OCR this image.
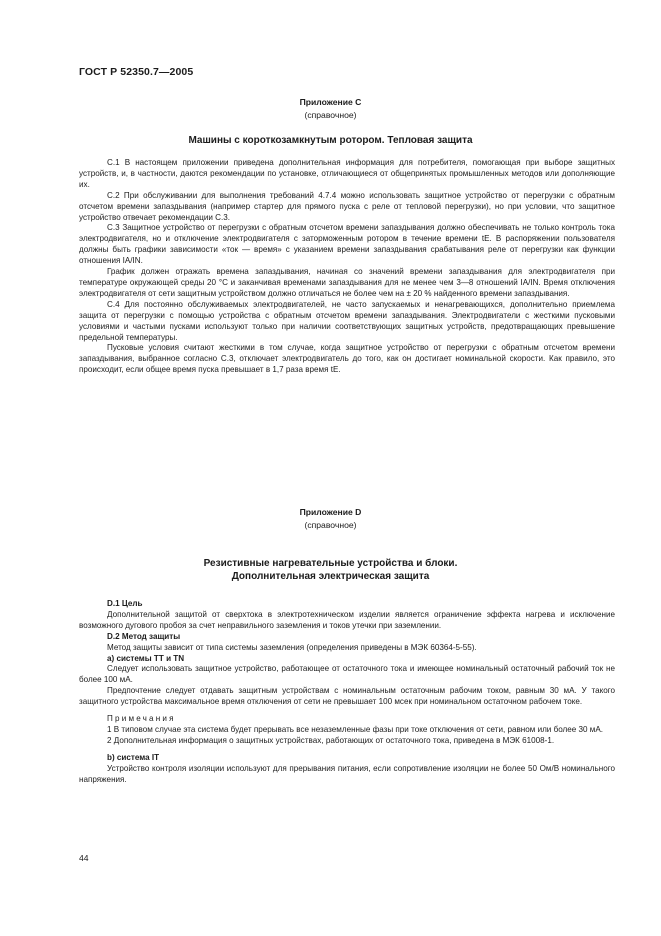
ГОСТ Р 52350.7—2005
Приложение С
(справочное)
Машины с короткозамкнутым ротором. Тепловая защита

С.1 В настоящем приложении приведена дополнительная информация для потребителя, помогающая при выборе защитных устройств, и, в частности, даются рекомендации по установке, отличающиеся от общепринятых промышленных методов или дополняющие их.

С.2 При обслуживании для выполнения требований 4.7.4 можно использовать защитное устройство от перегрузки с обратным отсчетом времени запаздывания (например стартер для прямого пуска с реле от тепловой перегрузки), но при условии, что защитное устройство отвечает рекомендации С.3.

С.3 Защитное устройство от перегрузки с обратным отсчетом времени запаздывания должно обеспечивать не только контроль тока электродвигателя, но и отключение электродвигателя с заторможенным ротором в течение времени tE. В распоряжении пользователя должны быть графики зависимости «ток — время» с указанием времени запаздывания срабатывания реле от перегрузки как функции отношения IA/IN.

График должен отражать времена запаздывания, начиная со значений времени запаздывания для электродвигателя при температуре окружающей среды 20 °С и заканчивая временами запаздывания для не менее чем 3—8 отношений IA/IN. Время отключения электродвигателя от сети защитным устройством должно отличаться не более чем на ± 20 % найденного времени запаздывания.

С.4 Для постоянно обслуживаемых электродвигателей, не часто запускаемых и ненагревающихся, дополнительно приемлема защита от перегрузки с помощью устройства с обратным отсчетом времени запаздывания. Электродвигатели с жесткими пусковыми условиями и частыми пусками используют только при наличии соответствующих защитных устройств, предотвращающих превышение предельной температуры.

Пусковые условия считают жесткими в том случае, когда защитное устройство от перегрузки с обратным отсчетом времени запаздывания, выбранное согласно С.3, отключает электродвигатель до того, как он достигает номинальной скорости. Как правило, это происходит, если общее время пуска превышает в 1,7 раза время tE.

Приложение D
(справочное)
Резистивные нагревательные устройства и блоки.
Дополнительная электрическая защита

D.1 Цель

Дополнительной защитой от сверхтока в электротехническом изделии является ограничение эффекта нагрева и исключение возможного дугового пробоя за счет неправильного заземления и токов утечки при заземлении.

D.2 Метод защиты

Метод защиты зависит от типа системы заземления (определения приведены в МЭК 60364-5-55).

а) системы TT и TN

Следует использовать защитное устройство, работающее от остаточного тока и имеющее номинальный остаточный рабочий ток не более 100 мА.

Предпочтение следует отдавать защитным устройствам с номинальным остаточным рабочим током, равным 30 мА. У такого защитного устройства максимальное время отключения от сети не превышает 100 мсек при номинальном остаточном рабочем токе.

Примечания

1 В типовом случае эта система будет прерывать все незаземленные фазы при токе отключения от сети, равном или более 30 мА.

2 Дополнительная информация о защитных устройствах, работающих от остаточного тока, приведена в МЭК 61008-1.

b) система IT

Устройство контроля изоляции используют для прерывания питания, если сопротивление изоляции не более 50 Ом/В номинального напряжения.

44
